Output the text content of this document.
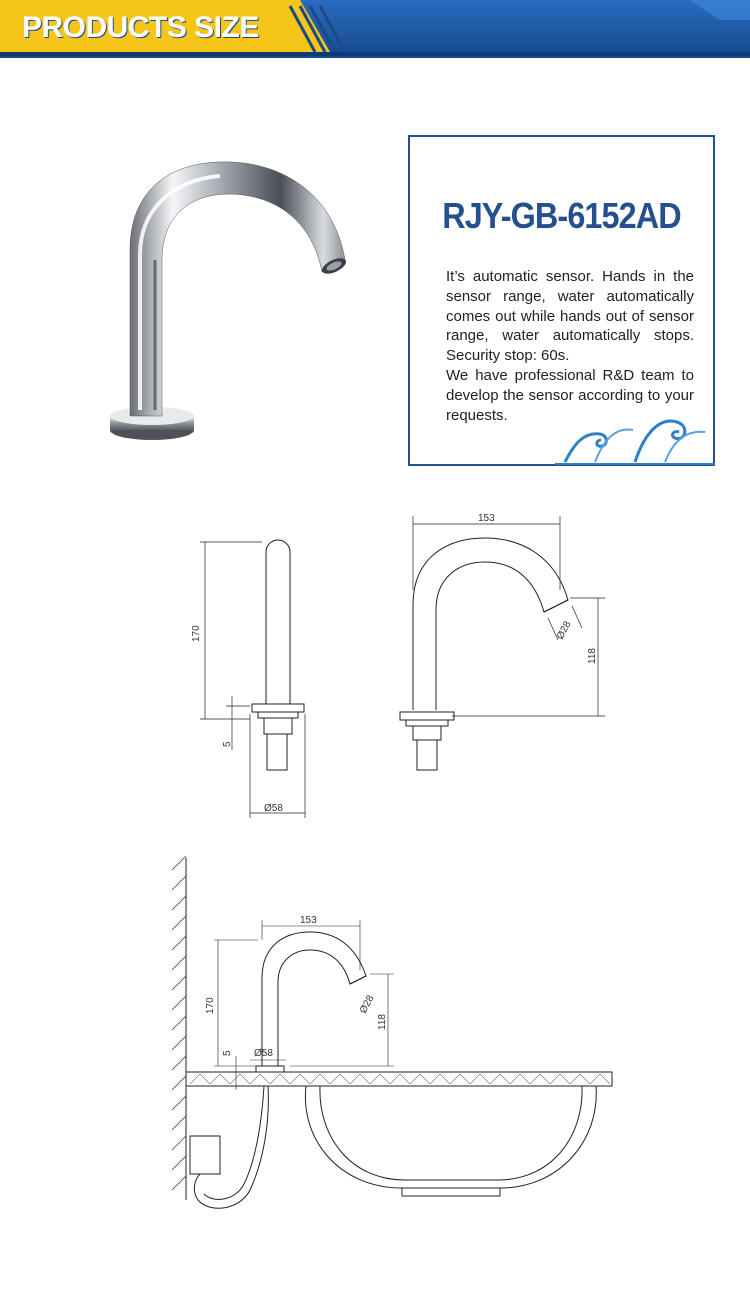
PRODUCTS SIZE
RJY-GB-6152AD

It’s automatic sensor. Hands in the sensor range, water automatically comes out while hands out of sensor range, water automatically stops. Security stop: 60s.

We have professional R&D team to develop the sensor according to your requests.

170
5
Ø58
153
Ø28
118
153
170
5 Ø58
Ø28
118
